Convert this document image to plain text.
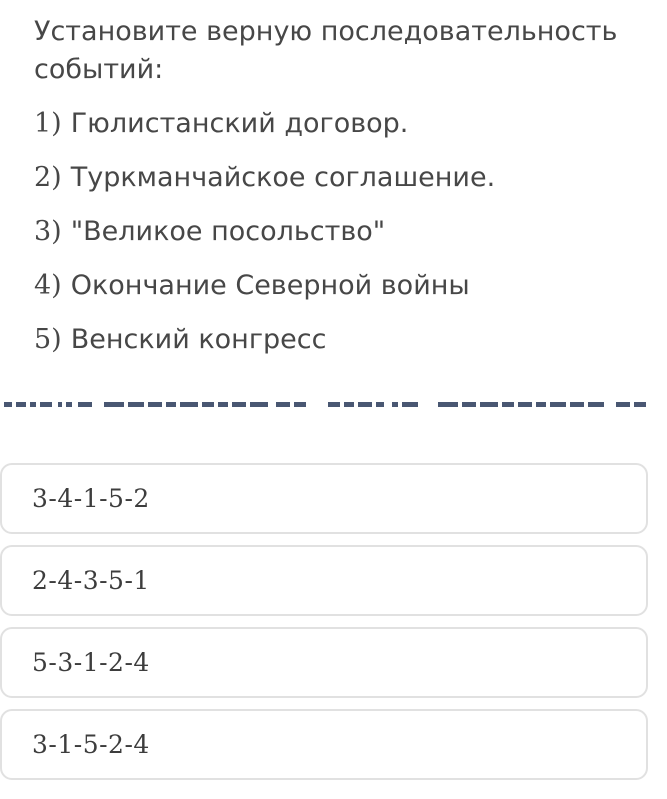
Установите верную последовательность событий:

1) Гюлистанский договор.
2) Туркманчайское соглашение.
3) "Великое посольство"
4) Окончание Северной войны
5) Венский конгресс
3-4-1-5-2
2-4-3-5-1
5-3-1-2-4
3-1-5-2-4
